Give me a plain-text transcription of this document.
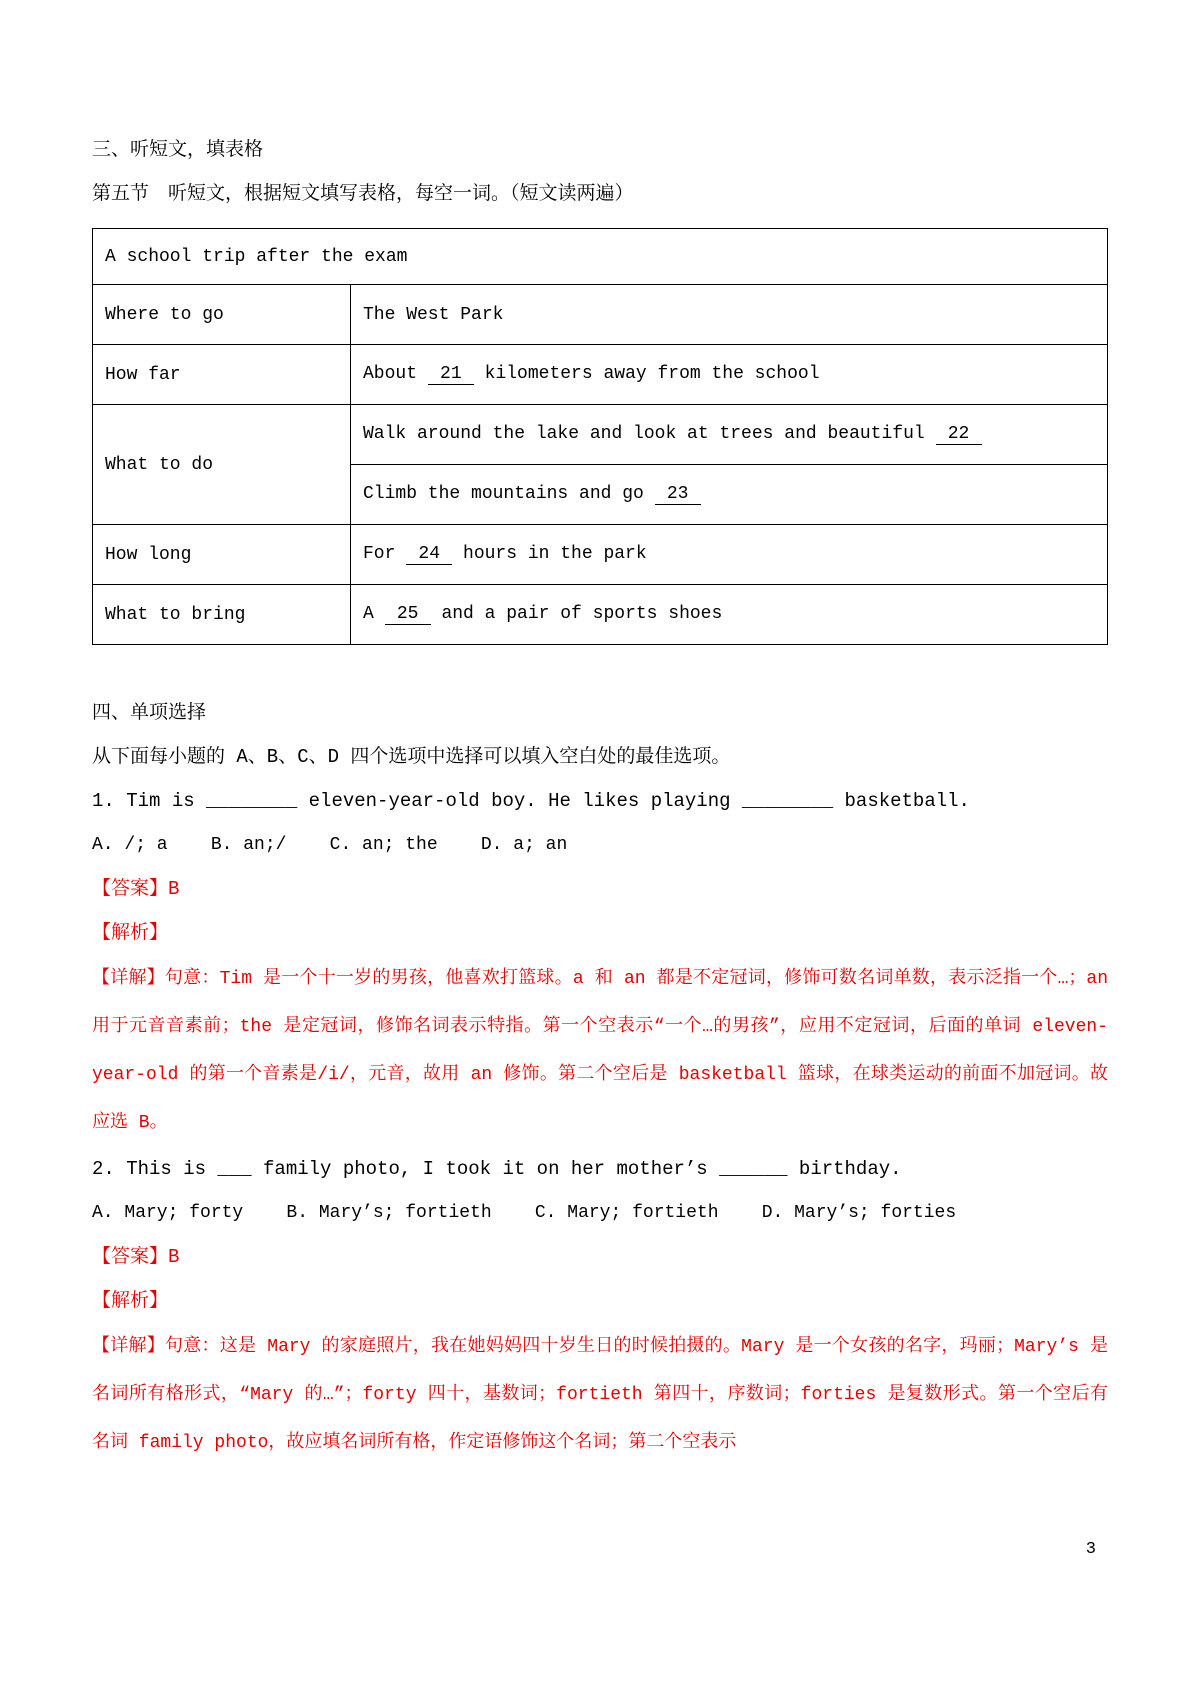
三、听短文，填表格

第五节　听短文，根据短文填写表格，每空一词。（短文读两遍）

A school trip after the exam	
Where to go	The West Park
How far	About 21 kilometers away from the school
What to do	Walk around the lake and look at trees and beautiful 22
	Climb the mountains and go 23
How long	For 24 hours in the park
What to bring	A 25 and a pair of sports shoes

四、单项选择

从下面每小题的 A、B、C、D 四个选项中选择可以填入空白处的最佳选项。

1. Tim is ________ eleven-year-old boy. He likes playing ________ basketball.

A. /; a    B. an;/    C. an; the    D. a; an

【答案】B

【解析】

【详解】句意：Tim 是一个十一岁的男孩，他喜欢打篮球。a 和 an 都是不定冠词，修饰可数名词单数，表示泛指一个…；an 用于元音音素前；the 是定冠词，修饰名词表示特指。第一个空表示“一个…的男孩”，应用不定冠词，后面的单词 eleven-year-old 的第一个音素是/i/，元音，故用 an 修饰。第二个空后是 basketball 篮球，在球类运动的前面不加冠词。故应选 B。

2. This is ___ family photo, I took it on her mother’s ______ birthday.

A. Mary; forty    B. Mary’s; fortieth    C. Mary; fortieth    D. Mary’s; forties

【答案】B

【解析】

【详解】句意：这是 Mary 的家庭照片，我在她妈妈四十岁生日的时候拍摄的。Mary 是一个女孩的名字，玛丽；Mary’s 是名词所有格形式，“Mary 的…”；forty 四十，基数词；fortieth 第四十，序数词；forties 是复数形式。第一个空后有名词 family photo，故应填名词所有格，作定语修饰这个名词；第二个空表示

3
